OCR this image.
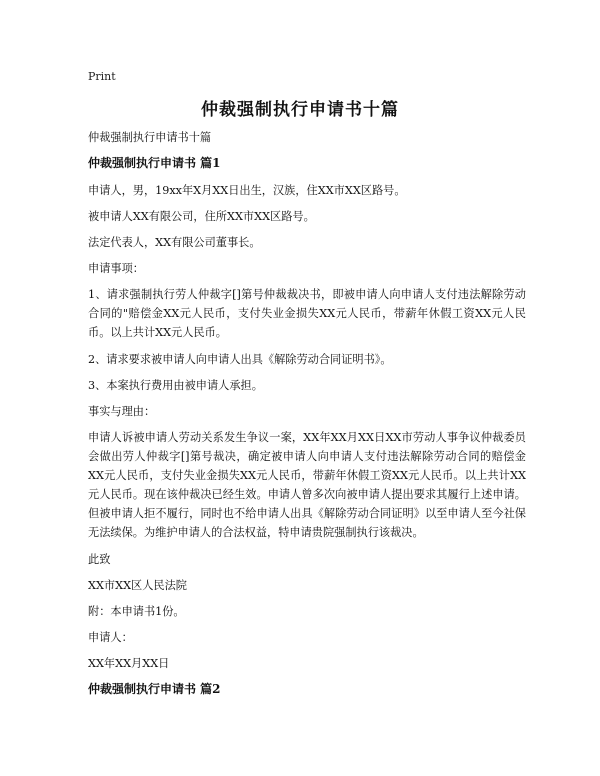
Print
仲裁强制执行申请书十篇

仲裁强制执行申请书十篇

仲裁强制执行申请书 篇1

申请人，男，19xx年X月XX日出生，汉族，住XX市XX区路号。

被申请人XX有限公司，住所XX市XX区路号。

法定代表人，XX有限公司董事长。

申请事项：

1、请求强制执行劳人仲裁字[]第号仲裁裁决书，即被申请人向申请人支付违法解除劳动合同的"赔偿金XX元人民币，支付失业金损失XX元人民币，带薪年休假工资XX元人民币。以上共计XX元人民币。

2、请求要求被申请人向申请人出具《解除劳动合同证明书》。

3、本案执行费用由被申请人承担。

事实与理由：

申请人诉被申请人劳动关系发生争议一案，XX年XX月XX日XX市劳动人事争议仲裁委员会做出劳人仲裁字[]第号裁决，确定被申请人向申请人支付违法解除劳动合同的赔偿金XX元人民币，支付失业金损失XX元人民币，带薪年休假工资XX元人民币。以上共计XX元人民币。现在该仲裁决已经生效。申请人曾多次向被申请人提出要求其履行上述申请。但被申请人拒不履行，同时也不给申请人出具《解除劳动合同证明》以至申请人至今社保无法续保。为维护申请人的合法权益，特申请贵院强制执行该裁决。

此致

XX市XX区人民法院

附：本申请书1份。

申请人：

XX年XX月XX日

仲裁强制执行申请书 篇2
